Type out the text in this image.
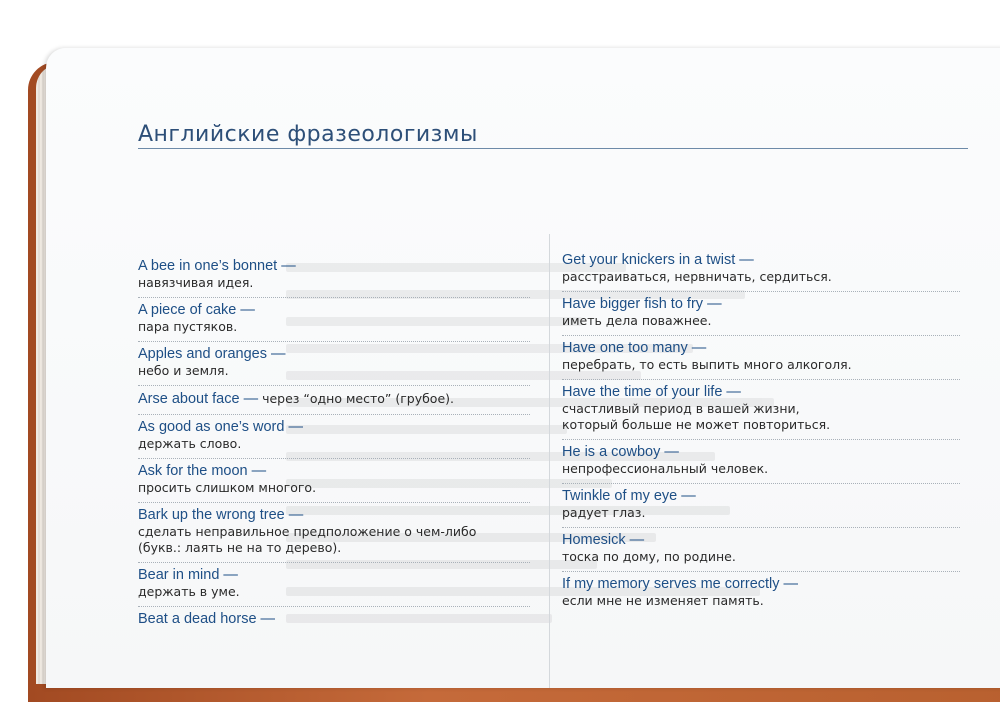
Английские фразеологизмы
A bee in one’s bonnet —
навязчивая идея.
A piece of cake —
пара пустяков.
Apples and oranges —
небо и земля.
Arse about face — через “одно место” (грубое).
As good as one’s word —
держать слово.
Ask for the moon —
просить слишком многого.
Bark up the wrong tree —
сделать неправильное предположение о чем-либо
(букв.: лаять не на то дерево).
Bear in mind —
держать в уме.
Beat a dead horse —
Get your knickers in a twist —
расстраиваться, нервничать, сердиться.
Have bigger fish to fry —
иметь дела поважнее.
Have one too many —
перебрать, то есть выпить много алкоголя.
Have the time of your life —
счастливый период в вашей жизни,
который больше не может повториться.
He is a cowboy —
непрофессиональный человек.
Twinkle of my eye —
радует глаз.
Homesick —
тоска по дому, по родине.
If my memory serves me correctly —
если мне не изменяет память.
